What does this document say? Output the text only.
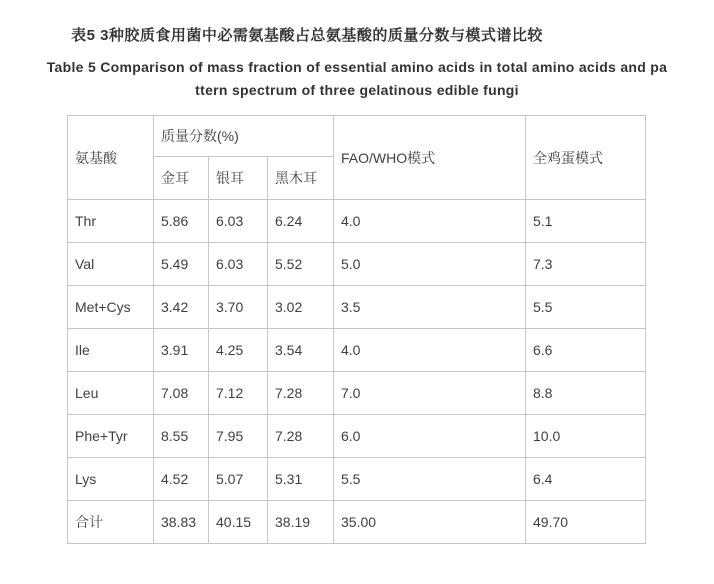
表5 3种胶质食用菌中必需氨基酸占总氨基酸的质量分数与模式谱比较
Table 5 Comparison of mass fraction of essential amino acids in total amino acids and pa
ttern spectrum of three gelatinous edible fungi
氨基酸	质量分数(%)			FAO/WHO模式	全鸡蛋模式
	金耳	银耳	黑木耳		
Thr	5.86	6.03	6.24	4.0	5.1
Val	5.49	6.03	5.52	5.0	7.3
Met+Cys	3.42	3.70	3.02	3.5	5.5
Ile	3.91	4.25	3.54	4.0	6.6
Leu	7.08	7.12	7.28	7.0	8.8
Phe+Tyr	8.55	7.95	7.28	6.0	10.0
Lys	4.52	5.07	5.31	5.5	6.4
合计	38.83	40.15	38.19	35.00	49.70
